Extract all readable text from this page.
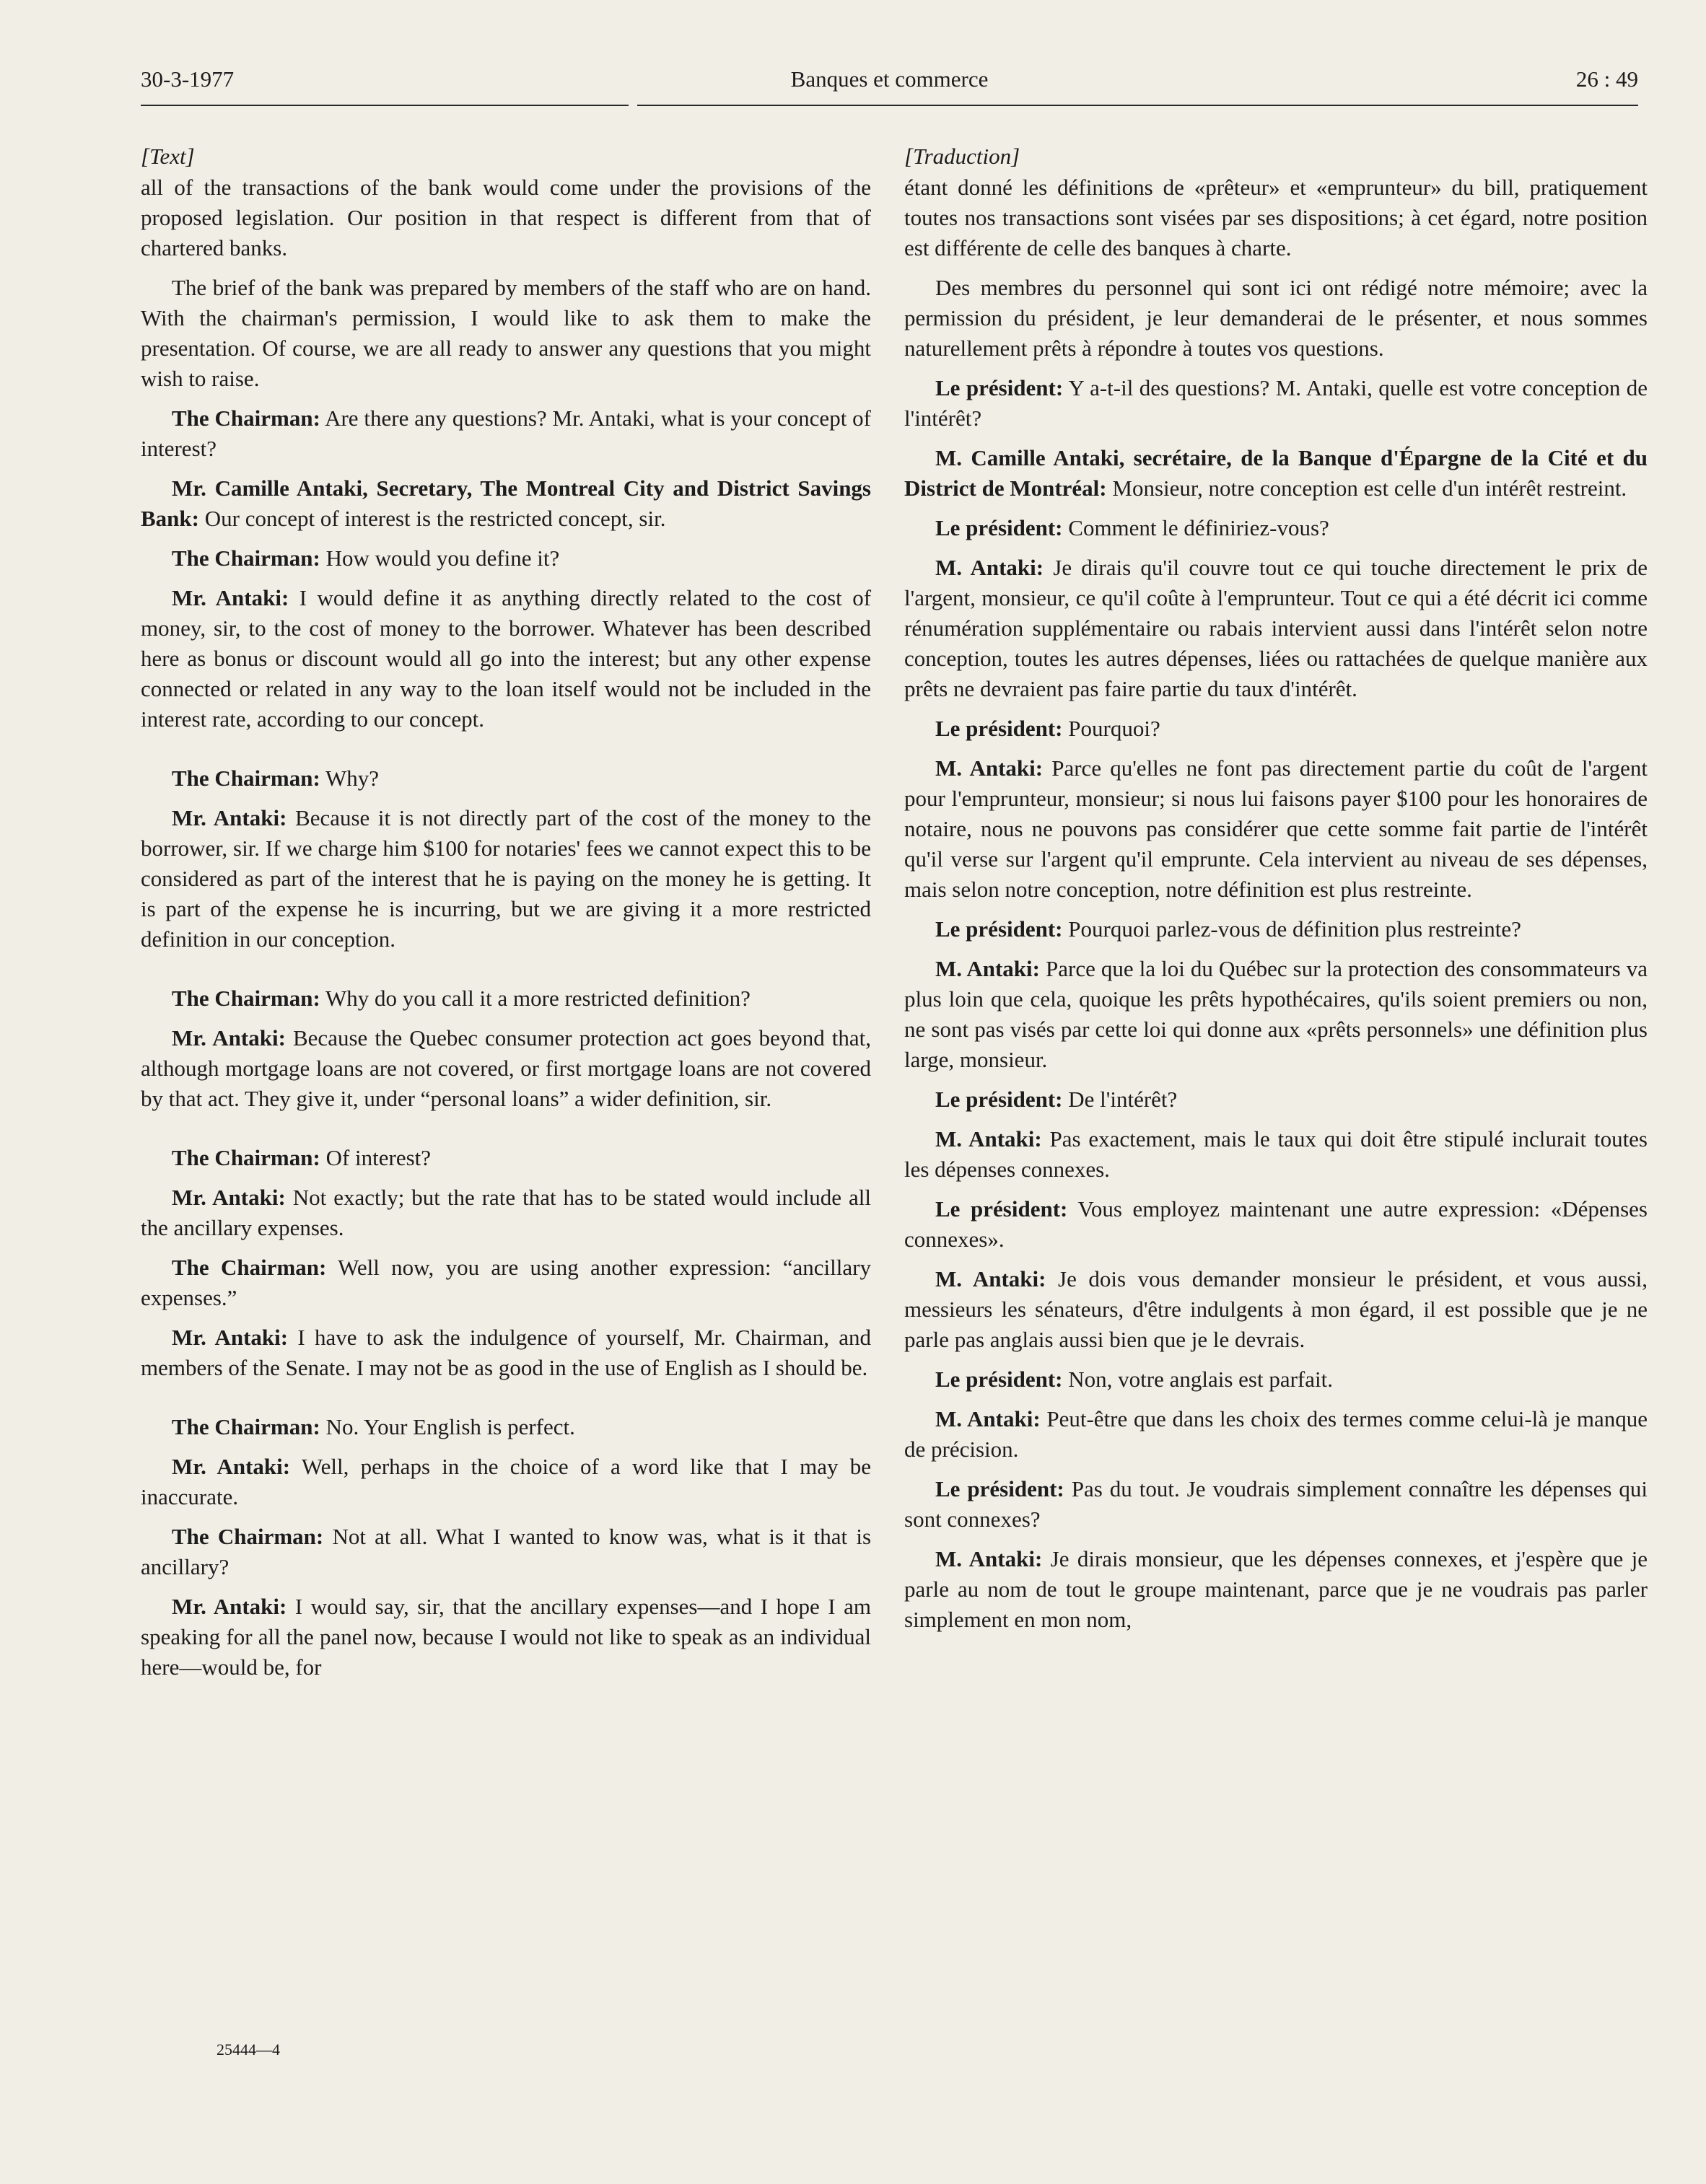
30-3-1977	Banques et commerce	26 : 49
[Text]

all of the transactions of the bank would come under the provisions of the proposed legislation. Our position in that respect is different from that of chartered banks.

The brief of the bank was prepared by members of the staff who are on hand. With the chairman's permission, I would like to ask them to make the presentation. Of course, we are all ready to answer any questions that you might wish to raise.

The Chairman: Are there any questions? Mr. Antaki, what is your concept of interest?

Mr. Camille Antaki, Secretary, The Montreal City and District Savings Bank: Our concept of interest is the restricted concept, sir.

The Chairman: How would you define it?

Mr. Antaki: I would define it as anything directly related to the cost of money, sir, to the cost of money to the borrower. Whatever has been described here as bonus or discount would all go into the interest; but any other expense connected or related in any way to the loan itself would not be included in the interest rate, according to our concept.

The Chairman: Why?

Mr. Antaki: Because it is not directly part of the cost of the money to the borrower, sir. If we charge him $100 for notaries' fees we cannot expect this to be considered as part of the interest that he is paying on the money he is getting. It is part of the expense he is incurring, but we are giving it a more restricted definition in our conception.

The Chairman: Why do you call it a more restricted definition?

Mr. Antaki: Because the Quebec consumer protection act goes beyond that, although mortgage loans are not covered, or first mortgage loans are not covered by that act. They give it, under “personal loans” a wider definition, sir.

The Chairman: Of interest?

Mr. Antaki: Not exactly; but the rate that has to be stated would include all the ancillary expenses.

The Chairman: Well now, you are using another expression: “ancillary expenses.”

Mr. Antaki: I have to ask the indulgence of yourself, Mr. Chairman, and members of the Senate. I may not be as good in the use of English as I should be.

The Chairman: No. Your English is perfect.

Mr. Antaki: Well, perhaps in the choice of a word like that I may be inaccurate.

The Chairman: Not at all. What I wanted to know was, what is it that is ancillary?

Mr. Antaki: I would say, sir, that the ancillary expenses—and I hope I am speaking for all the panel now, because I would not like to speak as an individual here—would be, for

[Traduction]

étant donné les définitions de «prêteur» et «emprunteur» du bill, pratiquement toutes nos transactions sont visées par ses dispositions; à cet égard, notre position est différente de celle des banques à charte.

Des membres du personnel qui sont ici ont rédigé notre mémoire; avec la permission du président, je leur demanderai de le présenter, et nous sommes naturellement prêts à répondre à toutes vos questions.

Le président: Y a-t-il des questions? M. Antaki, quelle est votre conception de l'intérêt?

M. Camille Antaki, secrétaire, de la Banque d'Épargne de la Cité et du District de Montréal: Monsieur, notre conception est celle d'un intérêt restreint.

Le président: Comment le définiriez-vous?

M. Antaki: Je dirais qu'il couvre tout ce qui touche directement le prix de l'argent, monsieur, ce qu'il coûte à l'emprunteur. Tout ce qui a été décrit ici comme rénumération supplémentaire ou rabais intervient aussi dans l'intérêt selon notre conception, toutes les autres dépenses, liées ou rattachées de quelque manière aux prêts ne devraient pas faire partie du taux d'intérêt.

Le président: Pourquoi?

M. Antaki: Parce qu'elles ne font pas directement partie du coût de l'argent pour l'emprunteur, monsieur; si nous lui faisons payer $100 pour les honoraires de notaire, nous ne pouvons pas considérer que cette somme fait partie de l'intérêt qu'il verse sur l'argent qu'il emprunte. Cela intervient au niveau de ses dépenses, mais selon notre conception, notre définition est plus restreinte.

Le président: Pourquoi parlez-vous de définition plus restreinte?

M. Antaki: Parce que la loi du Québec sur la protection des consommateurs va plus loin que cela, quoique les prêts hypothécaires, qu'ils soient premiers ou non, ne sont pas visés par cette loi qui donne aux «prêts personnels» une définition plus large, monsieur.

Le président: De l'intérêt?

M. Antaki: Pas exactement, mais le taux qui doit être stipulé inclurait toutes les dépenses connexes.

Le président: Vous employez maintenant une autre expression: «Dépenses connexes».

M. Antaki: Je dois vous demander monsieur le président, et vous aussi, messieurs les sénateurs, d'être indulgents à mon égard, il est possible que je ne parle pas anglais aussi bien que je le devrais.

Le président: Non, votre anglais est parfait.

M. Antaki: Peut-être que dans les choix des termes comme celui-là je manque de précision.

Le président: Pas du tout. Je voudrais simplement connaître les dépenses qui sont connexes?

M. Antaki: Je dirais monsieur, que les dépenses connexes, et j'espère que je parle au nom de tout le groupe maintenant, parce que je ne voudrais pas parler simplement en mon nom,

25444—4
